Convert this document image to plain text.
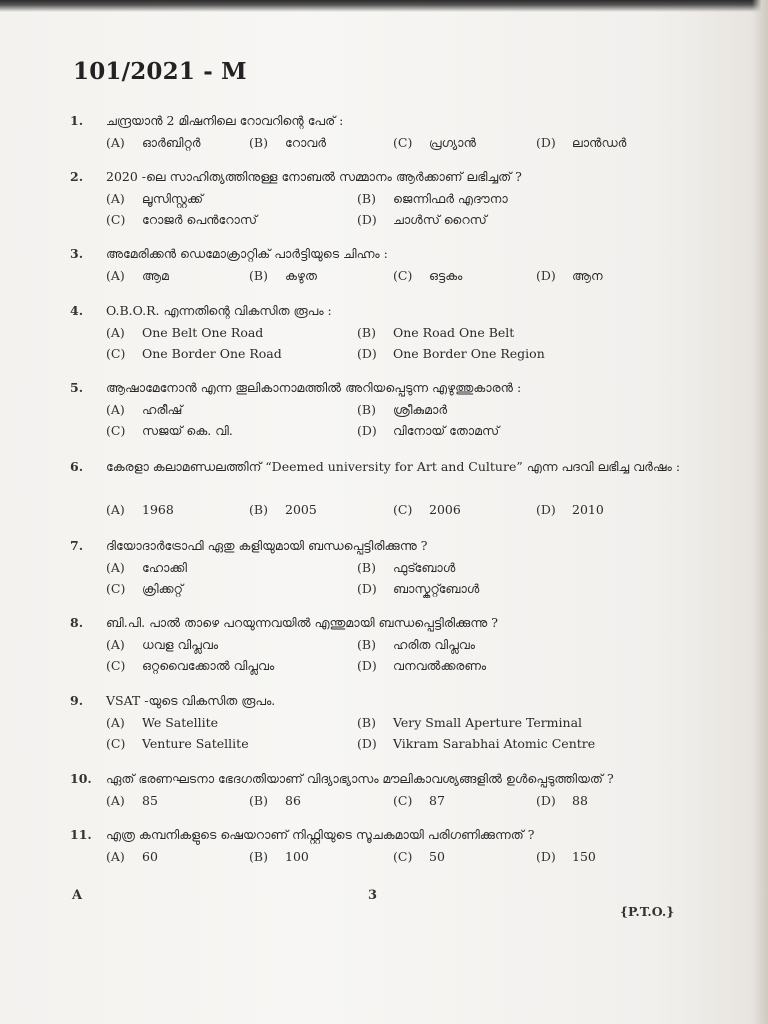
101/2021 - M
1. ചന്ദ്രയാൻ 2 മിഷനിലെ റോവറിന്റെ പേര് :
(A) ഓർബിറ്റർ	(B) റോവർ	(C) പ്രഗ്യാൻ	(D) ലാൻഡർ
2. 2020 -ലെ സാഹിത്യത്തിനുള്ള നോബൽ സമ്മാനം ആർക്കാണ് ലഭിച്ചത് ?
(A) ലൂസിസ്റ്റക്ക്	(B) ജെന്നിഫർ എദൗനാ
(C) റോജർ പെൻറോസ്	(D) ചാൾസ് റൈസ്
3. അമേരിക്കൻ ഡെമോക്രാറ്റിക് പാർട്ടിയുടെ ചിഹ്നം :
(A) ആമ	(B) കഴുത	(C) ഒട്ടകം	(D) ആന
4. O.B.O.R. എന്നതിന്റെ വികസിത രൂപം :
(A) One Belt One Road	(B) One Road One Belt
(C) One Border One Road	(D) One Border One Region
5. ആഷാമേനോൻ എന്ന തൂലികാനാമത്തിൽ അറിയപ്പെടുന്ന എഴുത്തുകാരൻ :
(A) ഹരീഷ്	(B) ശ്രീകുമാർ
(C) സജയ് കെ. വി.	(D) വിനോയ് തോമസ്
6. കേരളാ കലാമണ്ഡലത്തിന് “Deemed university for Art and Culture” എന്ന പദവി ലഭിച്ച വർഷം :
(A) 1968	(B) 2005	(C) 2006	(D) 2010
7. ദിയോദാർട്രോഫി ഏതു കളിയുമായി ബന്ധപ്പെട്ടിരിക്കുന്നു ?
(A) ഹോക്കി	(B) ഫുട്ബോൾ
(C) ക്രിക്കറ്റ്	(D) ബാസ്കറ്റ്ബോൾ
8. ബി.പി. പാൽ താഴെ പറയുന്നവയിൽ എന്തുമായി ബന്ധപ്പെട്ടിരിക്കുന്നു ?
(A) ധവള വിപ്ലവം	(B) ഹരിത വിപ്ലവം
(C) ഒറ്റവൈക്കോൽ വിപ്ലവം	(D) വനവൽക്കരണം
9. VSAT -യുടെ വികസിത രൂപം.
(A) We Satellite	(B) Very Small Aperture Terminal
(C) Venture Satellite	(D) Vikram Sarabhai Atomic Centre
10. ഏത് ഭരണഘടനാ ഭേദഗതിയാണ് വിദ്യാഭ്യാസം മൗലികാവശ്യങ്ങളിൽ ഉൾപ്പെടുത്തിയത് ?
(A) 85	(B) 86	(C) 87	(D) 88
11. എത്ര കമ്പനികളുടെ ഷെയറാണ് നിഫ്റ്റിയുടെ സൂചകമായി പരിഗണിക്കുന്നത് ?
(A) 60	(B) 100	(C) 50	(D) 150
A	3
{P.T.O.}
